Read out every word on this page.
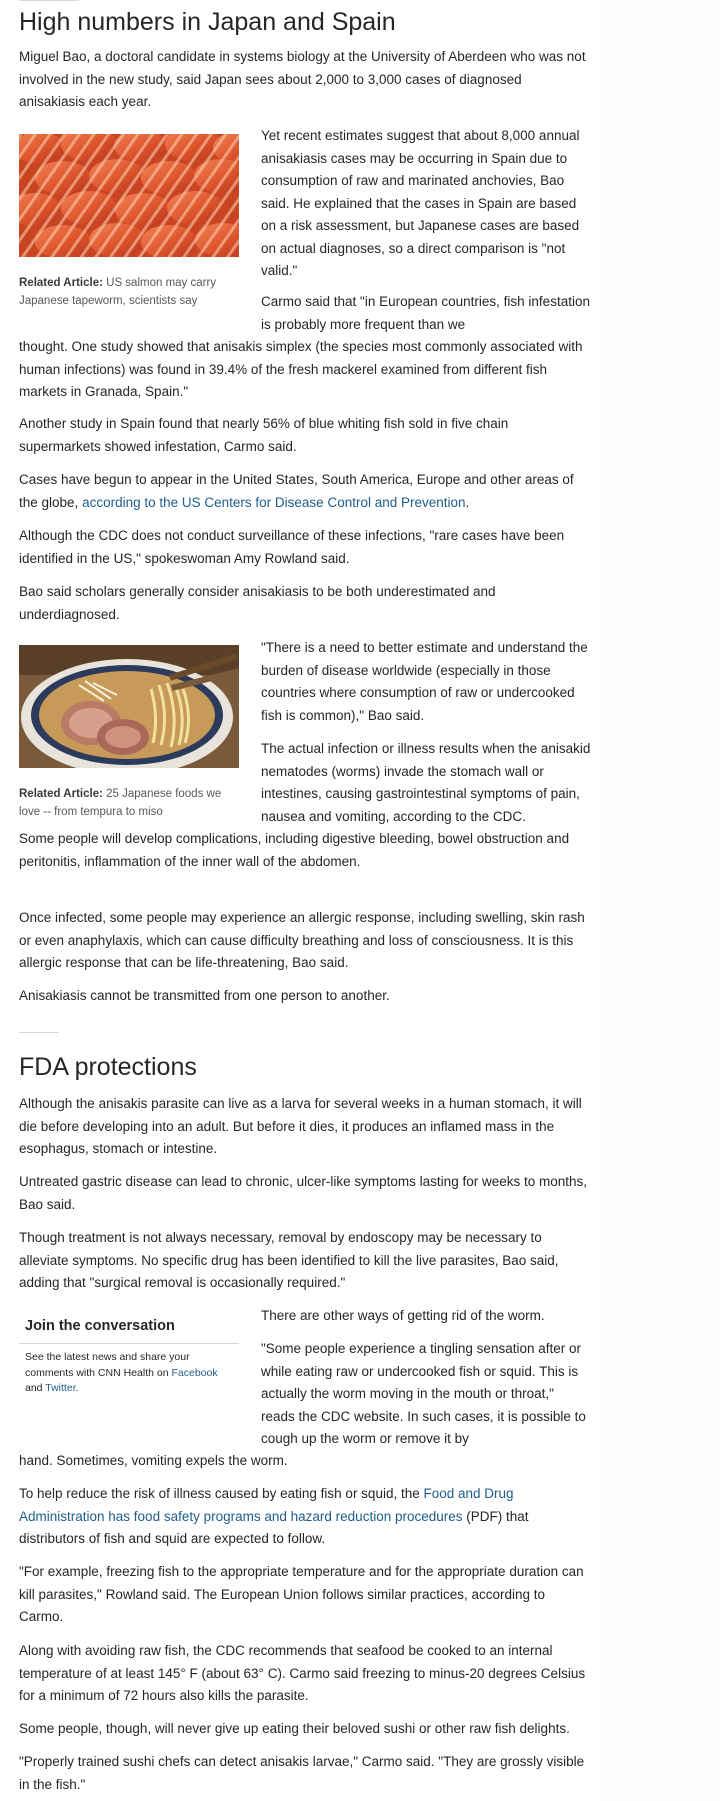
High numbers in Japan and Spain

Miguel Bao, a doctoral candidate in systems biology at the University of Aberdeen who was not involved in the new study, said Japan sees about 2,000 to 3,000 cases of diagnosed anisakiasis each year.

Related Article: US salmon may carry Japanese tapeworm, scientists say

Yet recent estimates suggest that about 8,000 annual anisakiasis cases may be occurring in Spain due to consumption of raw and marinated anchovies, Bao said. He explained that the cases in Spain are based on a risk assessment, but Japanese cases are based on actual diagnoses, so a direct comparison is "not valid."

Carmo said that "in European countries, fish infestation is probably more frequent than we

thought. One study showed that anisakis simplex (the species most commonly associated with human infections) was found in 39.4% of the fresh mackerel examined from different fish markets in Granada, Spain."

Another study in Spain found that nearly 56% of blue whiting fish sold in five chain supermarkets showed infestation, Carmo said.

Cases have begun to appear in the United States, South America, Europe and other areas of the globe, according to the US Centers for Disease Control and Prevention.

Although the CDC does not conduct surveillance of these infections, "rare cases have been identified in the US," spokeswoman Amy Rowland said.

Bao said scholars generally consider anisakiasis to be both underestimated and underdiagnosed.

Related Article: 25 Japanese foods we love -- from tempura to miso

"There is a need to better estimate and understand the burden of disease worldwide (especially in those countries where consumption of raw or undercooked fish is common)," Bao said.

The actual infection or illness results when the anisakid nematodes (worms) invade the stomach wall or intestines, causing gastrointestinal symptoms of pain, nausea and vomiting, according to the CDC.

Some people will develop complications, including digestive bleeding, bowel obstruction and peritonitis, inflammation of the inner wall of the abdomen.

Once infected, some people may experience an allergic response, including swelling, skin rash or even anaphylaxis, which can cause difficulty breathing and loss of consciousness. It is this allergic response that can be life-threatening, Bao said.

Anisakiasis cannot be transmitted from one person to another.

FDA protections

Although the anisakis parasite can live as a larva for several weeks in a human stomach, it will die before developing into an adult. But before it dies, it produces an inflamed mass in the esophagus, stomach or intestine.

Untreated gastric disease can lead to chronic, ulcer-like symptoms lasting for weeks to months, Bao said.

Though treatment is not always necessary, removal by endoscopy may be necessary to alleviate symptoms. No specific drug has been identified to kill the live parasites, Bao said, adding that "surgical removal is occasionally required."

Join the conversation
See the latest news and share your comments with CNN Health on Facebook and Twitter.

There are other ways of getting rid of the worm.

"Some people experience a tingling sensation after or while eating raw or undercooked fish or squid. This is actually the worm moving in the mouth or throat," reads the CDC website. In such cases, it is possible to cough up the worm or remove it by

hand. Sometimes, vomiting expels the worm.

To help reduce the risk of illness caused by eating fish or squid, the Food and Drug Administration has food safety programs and hazard reduction procedures (PDF) that distributors of fish and squid are expected to follow.

"For example, freezing fish to the appropriate temperature and for the appropriate duration can kill parasites," Rowland said. The European Union follows similar practices, according to Carmo.

Along with avoiding raw fish, the CDC recommends that seafood be cooked to an internal temperature of at least 145° F (about 63° C). Carmo said freezing to minus-20 degrees Celsius for a minimum of 72 hours also kills the parasite.

Some people, though, will never give up eating their beloved sushi or other raw fish delights.

"Properly trained sushi chefs can detect anisakis larvae," Carmo said. "They are grossly visible in the fish."
